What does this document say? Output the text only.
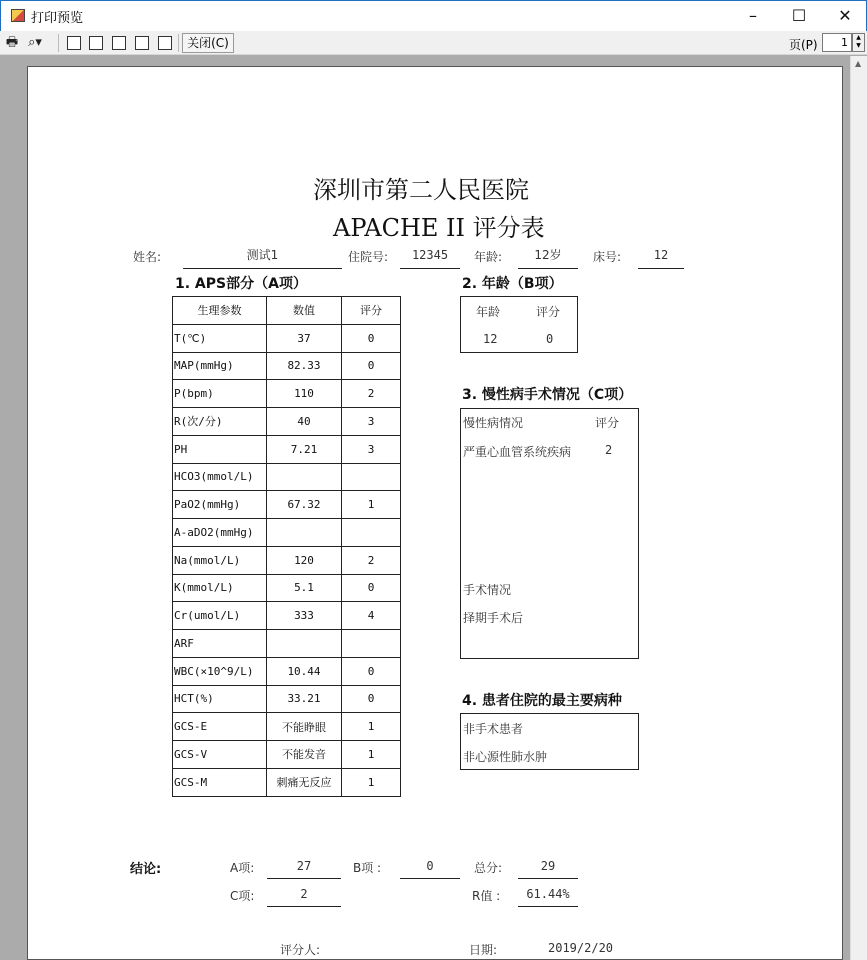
打印预览	–	☐	✕
🖶 ⌕▾	关闭(C)	页(P)	1	▲
▼
▲
深圳市第二人民医院
APACHE II 评分表
姓名:	测试1	住院号:	12345	年龄:	12岁	床号:	12
1. APS部分（A项）
生理参数	数值	评分
T(℃)	37	0
MAP(mmHg)	82.33	0
P(bpm)	110	2
R(次/分)	40	3
PH	7.21	3
HCO3(mmol/L)		
PaO2(mmHg)	67.32	1
A-aDO2(mmHg)		
Na(mmol/L)	120	2
K(mmol/L)	5.1	0
Cr(umol/L)	333	4
ARF		
WBC(×10^9/L)	10.44	0
HCT(%)	33.21	0
GCS-E	不能睁眼	1
GCS-V	不能发音	1
GCS-M	刺痛无反应	1
2. 年龄（B项）
年龄	评分
12	0
3. 慢性病手术情况（C项）
慢性病情况	评分
严重心血管系统疾病	2
手术情况
择期手术后
4. 患者住院的最主要病种
非手术患者
非心源性肺水肿
结论:	A项:	27	B项 :	0	总分:	29
C项:	2	R值 :	61.44%
评分人:	日期:	2019/2/20
